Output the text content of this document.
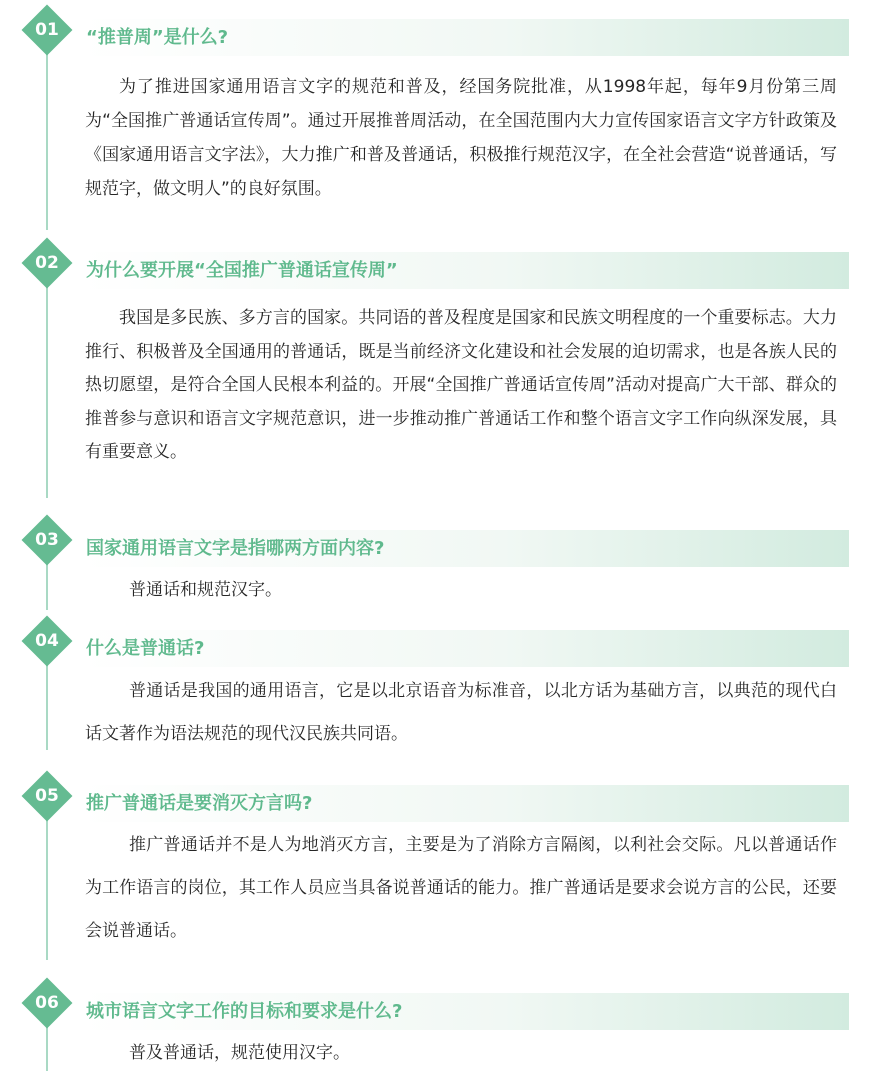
“推普周”是什么?
01

为了推进国家通用语言文字的规范和普及，经国务院批准，从1998年起，每年9月份第三周为“全国推广普通话宣传周”。通过开展推普周活动，在全国范围内大力宣传国家语言文字方针政策及《国家通用语言文字法》，大力推广和普及普通话，积极推行规范汉字，在全社会营造“说普通话，写规范字，做文明人”的良好氛围。

为什么要开展“全国推广普通话宣传周”
02

我国是多民族、多方言的国家。共同语的普及程度是国家和民族文明程度的一个重要标志。大力推行、积极普及全国通用的普通话，既是当前经济文化建设和社会发展的迫切需求，也是各族人民的热切愿望，是符合全国人民根本利益的。开展“全国推广普通话宣传周”活动对提高广大干部、群众的推普参与意识和语言文字规范意识，进一步推动推广普通话工作和整个语言文字工作向纵深发展，具有重要意义。

国家通用语言文字是指哪两方面内容?
03

普通话和规范汉字。

什么是普通话?
04

普通话是我国的通用语言，它是以北京语音为标准音，以北方话为基础方言，以典范的现代白话文著作为语法规范的现代汉民族共同语。

推广普通话是要消灭方言吗?
05

推广普通话并不是人为地消灭方言，主要是为了消除方言隔阂，以利社会交际。凡以普通话作为工作语言的岗位，其工作人员应当具备说普通话的能力。推广普通话是要求会说方言的公民，还要会说普通话。

城市语言文字工作的目标和要求是什么?
06

普及普通话，规范使用汉字。
